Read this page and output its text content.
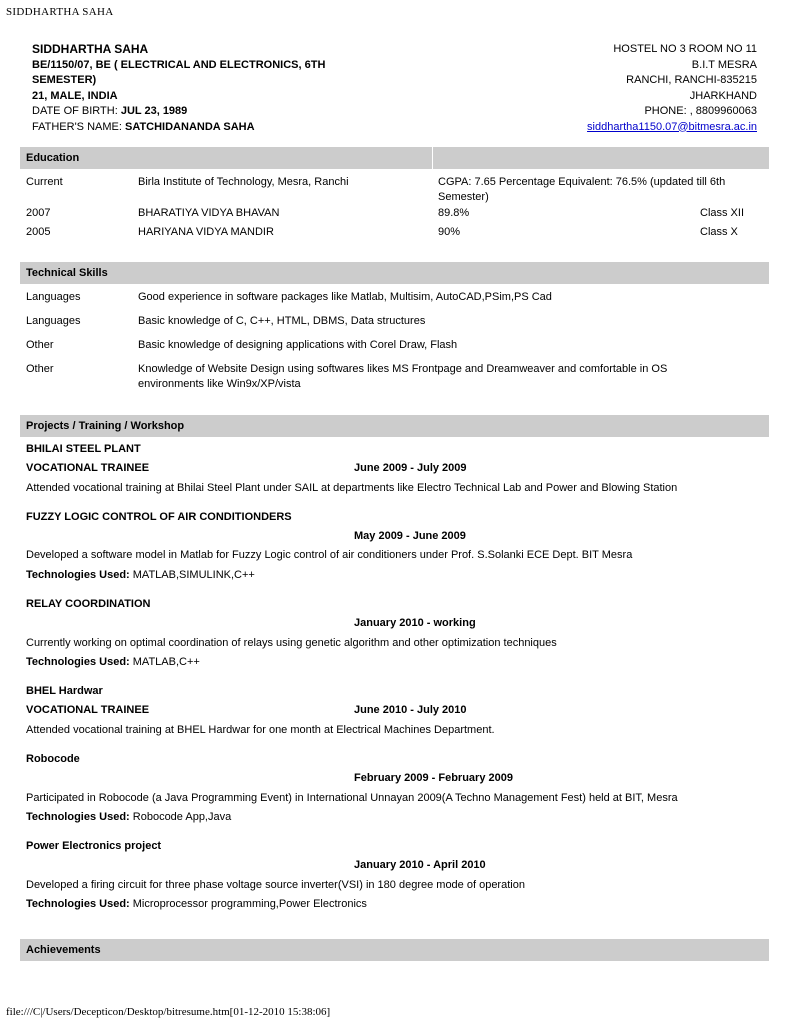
SIDDHARTHA SAHA
SIDDHARTHA SAHA
BE/1150/07, BE ( ELECTRICAL AND ELECTRONICS, 6TH
SEMESTER)
21, MALE, INDIA
DATE OF BIRTH: JUL 23, 1989
FATHER'S NAME: SATCHIDANANDA SAHA
HOSTEL NO 3 ROOM NO 11
B.I.T MESRA
RANCHI, RANCHI-835215
JHARKHAND
PHONE: , 8809960063
siddhartha1150.07@bitmesra.ac.in
Education
Current	Birla Institute of Technology, Mesra, Ranchi	CGPA: 7.65 Percentage Equivalent: 76.5% (updated till 6th
Semester)
2007	BHARATIYA VIDYA BHAVAN	89.8%	Class XII
2005	HARIYANA VIDYA MANDIR	90%	Class X
Technical Skills
Languages	Good experience in software packages like Matlab, Multisim, AutoCAD,PSim,PS Cad
Languages	Basic knowledge of C, C++, HTML, DBMS, Data structures
Other	Basic knowledge of designing applications with Corel Draw, Flash
Other	Knowledge of Website Design using softwares likes MS Frontpage and Dreamweaver and comfortable in OS
environments like Win9x/XP/vista
Projects / Training / Workshop
BHILAI STEEL PLANT
VOCATIONAL TRAINEE	June 2009 - July 2009
Attended vocational training at Bhilai Steel Plant under SAIL at departments like Electro Technical Lab and Power and Blowing Station
FUZZY LOGIC CONTROL OF AIR CONDITIONDERS
May 2009 - June 2009
Developed a software model in Matlab for Fuzzy Logic control of air conditioners under Prof. S.Solanki ECE Dept. BIT Mesra
Technologies Used: MATLAB,SIMULINK,C++
RELAY COORDINATION
January 2010 - working
Currently working on optimal coordination of relays using genetic algorithm and other optimization techniques
Technologies Used: MATLAB,C++
BHEL Hardwar
VOCATIONAL TRAINEE	June 2010 - July 2010
Attended vocational training at BHEL Hardwar for one month at Electrical Machines Department.
Robocode
February 2009 - February 2009
Participated in Robocode (a Java Programming Event) in International Unnayan 2009(A Techno Management Fest) held at BIT, Mesra
Technologies Used: Robocode App,Java
Power Electronics project
January 2010 - April 2010
Developed a firing circuit for three phase voltage source inverter(VSI) in 180 degree mode of operation
Technologies Used: Microprocessor programming,Power Electronics
Achievements
file:///C|/Users/Decepticon/Desktop/bitresume.htm[01-12-2010 15:38:06]
